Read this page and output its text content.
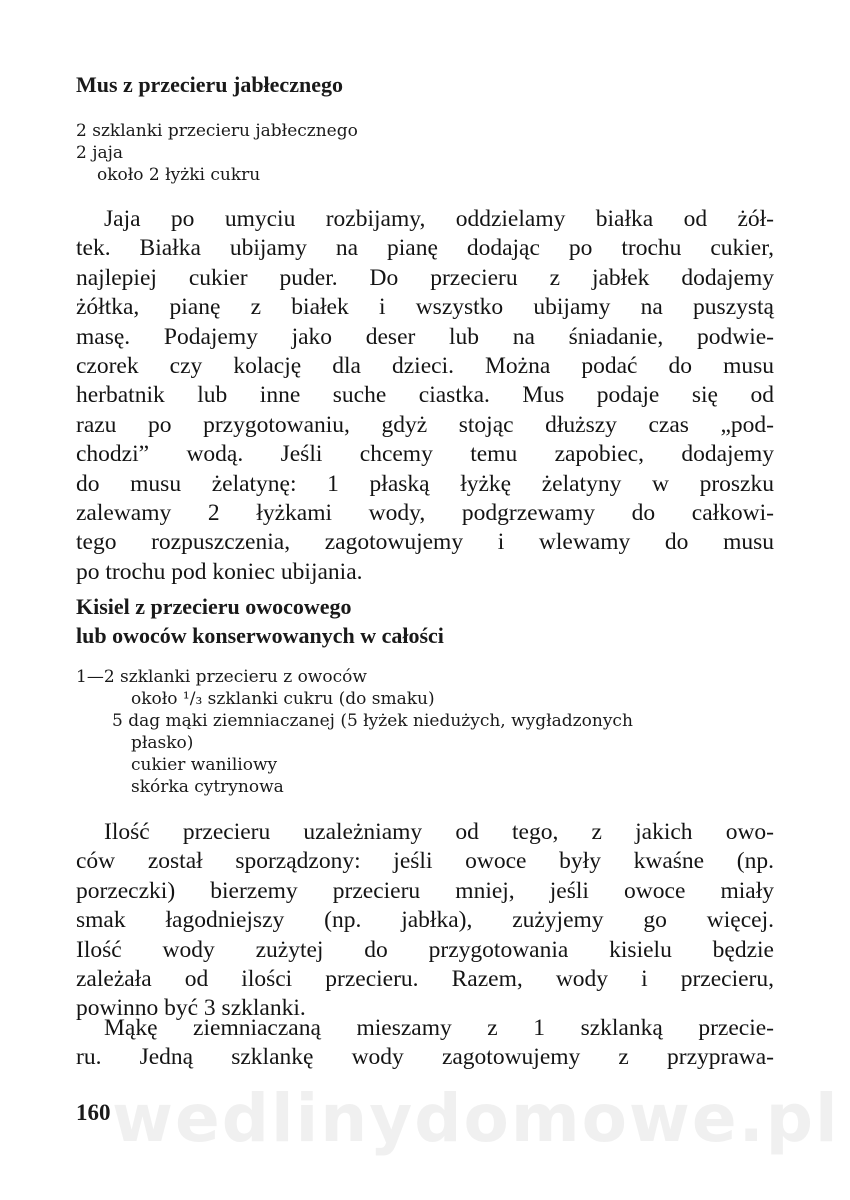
wedlinydomowe.pl
Mus z przecieru jabłecznego
2 szklanki przecieru jabłecznego
2 jaja
około 2 łyżki cukru
Jaja po umyciu rozbijamy, oddzielamy białka od żół-
tek. Białka ubijamy na pianę dodając po trochu cukier,
najlepiej cukier puder. Do przecieru z jabłek dodajemy
żółtka, pianę z białek i wszystko ubijamy na puszystą
masę. Podajemy jako deser lub na śniadanie, podwie-
czorek czy kolację dla dzieci. Można podać do musu
herbatnik lub inne suche ciastka. Mus podaje się od
razu po przygotowaniu, gdyż stojąc dłuższy czas „pod-
chodzi” wodą. Jeśli chcemy temu zapobiec, dodajemy
do musu żelatynę: 1 płaską łyżkę żelatyny w proszku
zalewamy 2 łyżkami wody, podgrzewamy do całkowi-
tego rozpuszczenia, zagotowujemy i wlewamy do musu
po trochu pod koniec ubijania.
Kisiel z przecieru owocowego
lub owoców konserwowanych w całości
1—2 szklanki przecieru z owoców
około ¹/₃ szklanki cukru (do smaku)
5 dag mąki ziemniaczanej (5 łyżek niedużych, wygładzonych
płasko)
cukier waniliowy
skórka cytrynowa
Ilość przecieru uzależniamy od tego, z jakich owo-
ców został sporządzony: jeśli owoce były kwaśne (np.
porzeczki) bierzemy przecieru mniej, jeśli owoce miały
smak łagodniejszy (np. jabłka), zużyjemy go więcej.
Ilość wody zużytej do przygotowania kisielu będzie
zależała od ilości przecieru. Razem, wody i przecieru,
powinno być 3 szklanki.
Mąkę ziemniaczaną mieszamy z 1 szklanką przecie-
ru. Jedną szklankę wody zagotowujemy z przyprawa-
160
